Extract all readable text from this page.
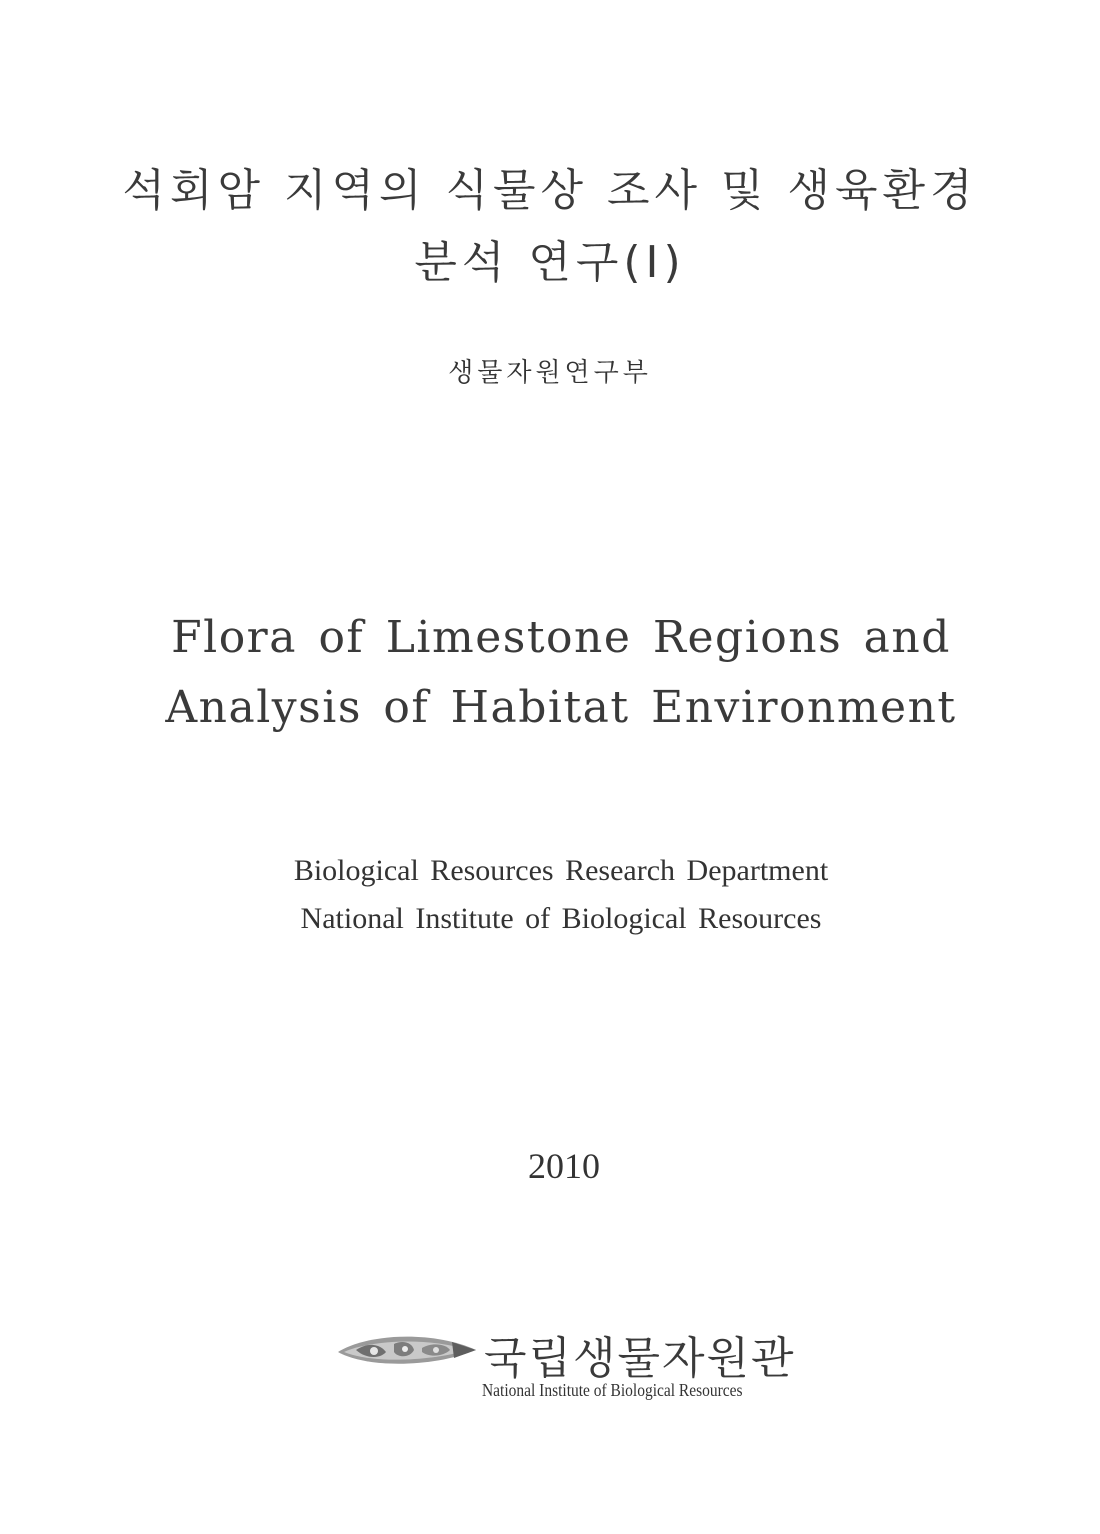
석회암 지역의 식물상 조사 및 생육환경
분석 연구(Ⅰ)
생물자원연구부
Flora of Limestone Regions and
Analysis of Habitat Environment
Biological Resources Research Department
National Institute of Biological Resources
2010
국립생물자원관
National Institute of Biological Resources
